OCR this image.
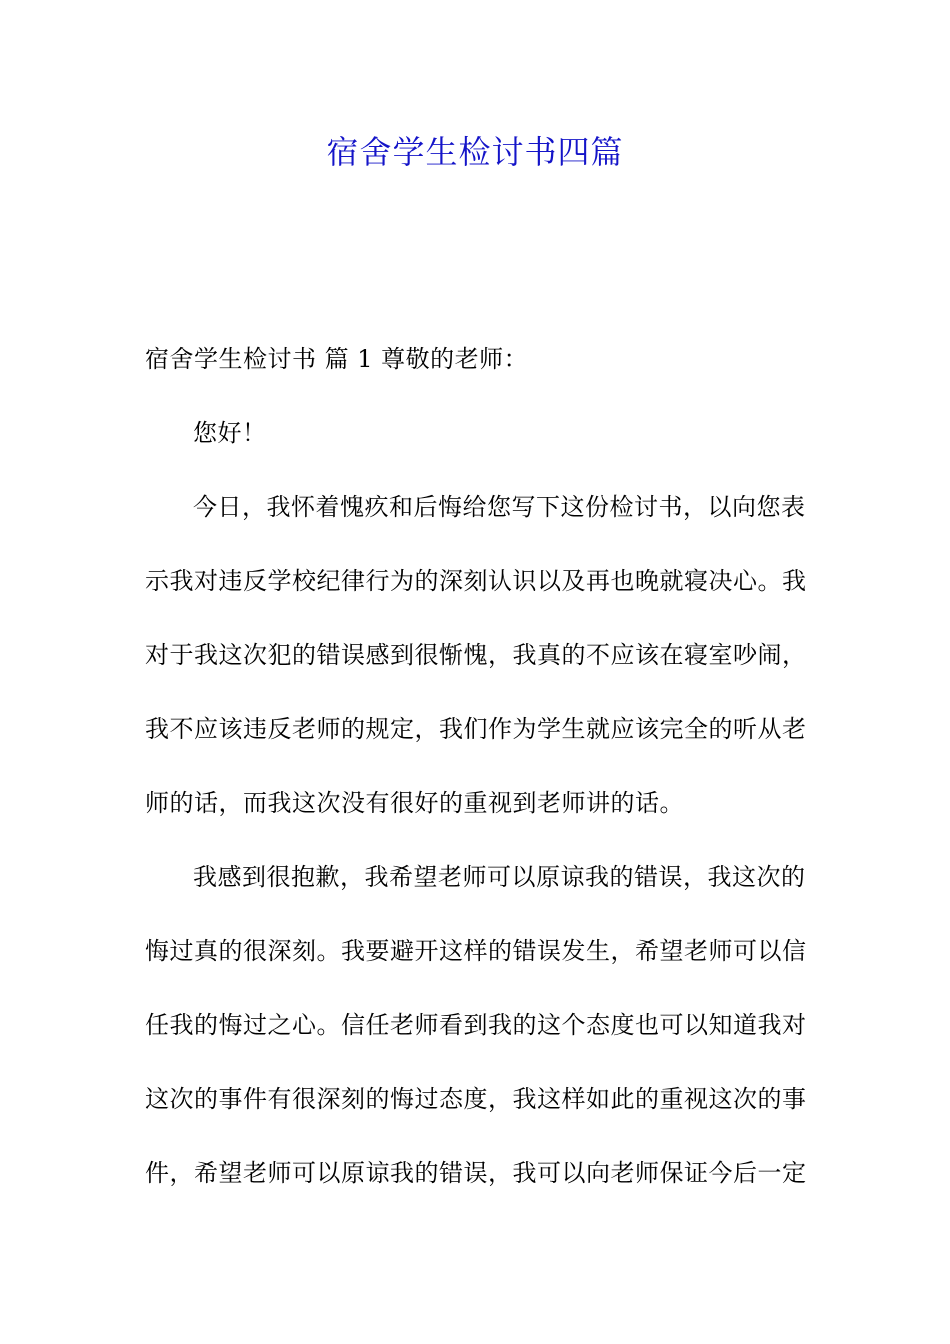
宿舍学生检讨书四篇
宿舍学生检讨书 篇 1 尊敬的老师：
您好！
今日，我怀着愧疚和后悔给您写下这份检讨书，以向您表
示我对违反学校纪律行为的深刻认识以及再也晚就寝决心。我
对于我这次犯的错误感到很惭愧，我真的不应该在寝室吵闹，
我不应该违反老师的规定，我们作为学生就应该完全的听从老
师的话，而我这次没有很好的重视到老师讲的话。
我感到很抱歉，我希望老师可以原谅我的错误，我这次的
悔过真的很深刻。我要避开这样的错误发生，希望老师可以信
任我的悔过之心。信任老师看到我的这个态度也可以知道我对
这次的事件有很深刻的悔过态度，我这样如此的重视这次的事
件，希望老师可以原谅我的错误，我可以向老师保证今后一定
